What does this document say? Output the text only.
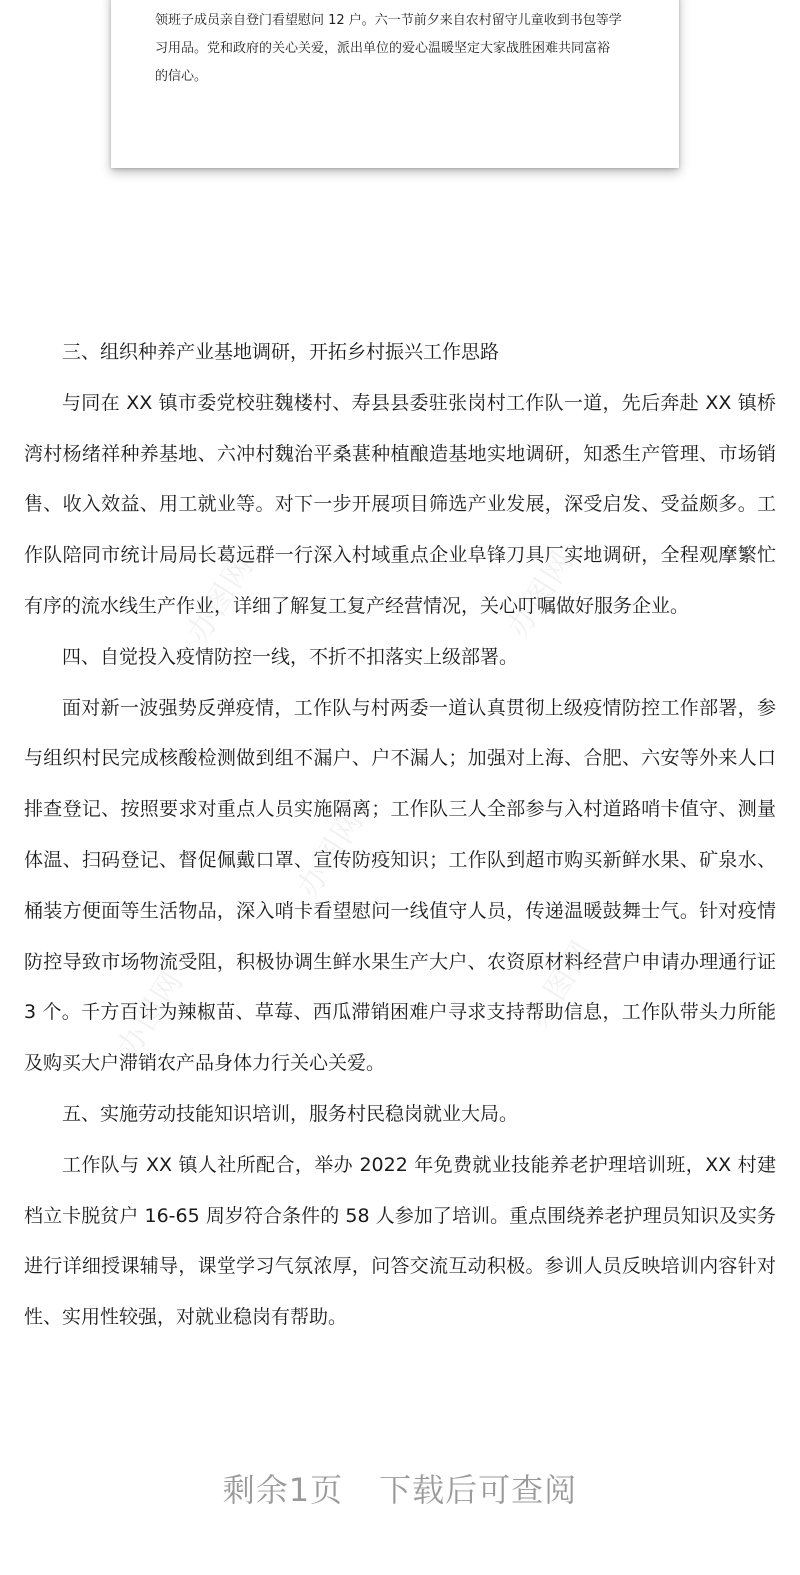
领班子成员亲自登门看望慰问 12 户。六一节前夕来自农村留守儿童收到书包等学

习用品。党和政府的关心关爱，派出单位的爱心温暖坚定大家战胜困难共同富裕

的信心。

办图网	办图网
办图网
办图网	办图网

三、组织种养产业基地调研，开拓乡村振兴工作思路

与同在 XX 镇市委党校驻魏楼村、寿县县委驻张岗村工作队一道，先后奔赴 XX 镇桥湾村杨绪祥种养基地、六冲村魏治平桑葚种植酿造基地实地调研，知悉生产管理、市场销售、收入效益、用工就业等。对下一步开展项目筛选产业发展，深受启发、受益颇多。工作队陪同市统计局局长葛远群一行深入村域重点企业阜锋刀具厂实地调研，全程观摩繁忙有序的流水线生产作业，详细了解复工复产经营情况，关心叮嘱做好服务企业。

四、自觉投入疫情防控一线，不折不扣落实上级部署。

面对新一波强势反弹疫情，工作队与村两委一道认真贯彻上级疫情防控工作部署，参与组织村民完成核酸检测做到组不漏户、户不漏人；加强对上海、合肥、六安等外来人口排查登记、按照要求对重点人员实施隔离；工作队三人全部参与入村道路哨卡值守、测量体温、扫码登记、督促佩戴口罩、宣传防疫知识；工作队到超市购买新鲜水果、矿泉水、桶装方便面等生活物品，深入哨卡看望慰问一线值守人员，传递温暖鼓舞士气。针对疫情防控导致市场物流受阻，积极协调生鲜水果生产大户、农资原材料经营户申请办理通行证 3 个。千方百计为辣椒苗、草莓、西瓜滞销困难户寻求支持帮助信息，工作队带头力所能及购买大户滞销农产品身体力行关心关爱。

五、实施劳动技能知识培训，服务村民稳岗就业大局。

工作队与 XX 镇人社所配合，举办 2022 年免费就业技能养老护理培训班，XX 村建档立卡脱贫户 16-65 周岁符合条件的 58 人参加了培训。重点围绕养老护理员知识及实务进行详细授课辅导，课堂学习气氛浓厚，问答交流互动积极。参训人员反映培训内容针对性、实用性较强，对就业稳岗有帮助。

剩余1页 下载后可查阅
